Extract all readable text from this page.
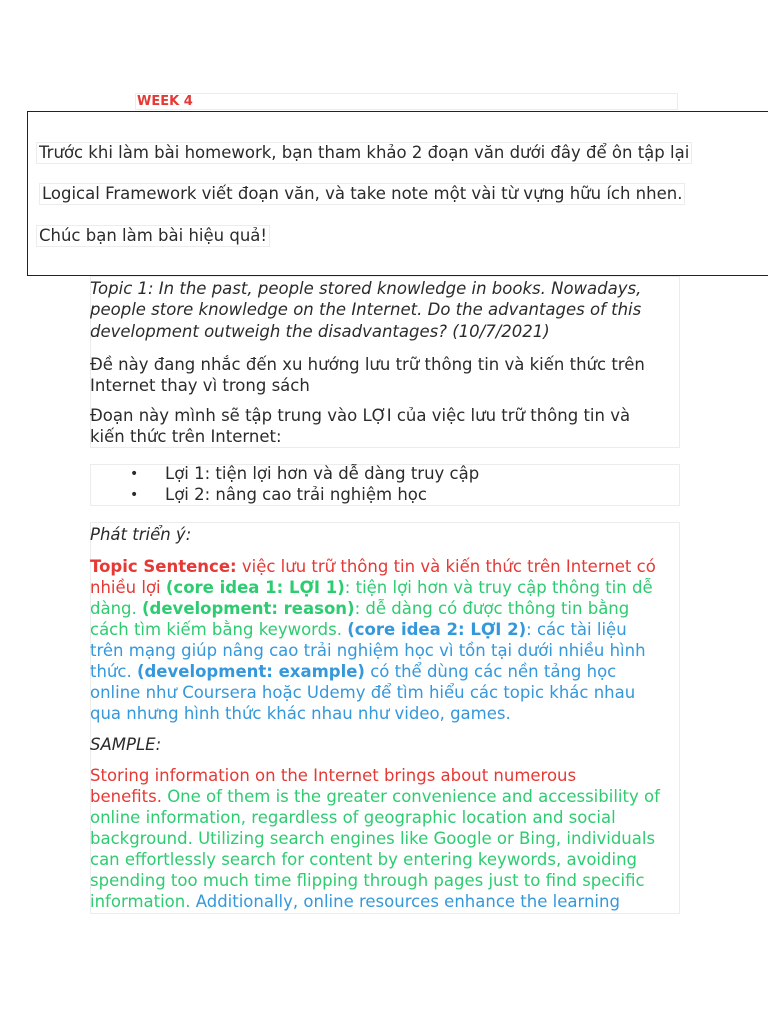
WEEK 4
Trước khi làm bài homework, bạn tham khảo 2 đoạn văn dưới đây để ôn tập lại
Logical Framework viết đoạn văn, và take note một vài từ vựng hữu ích nhen.
Chúc bạn làm bài hiệu quả!
Topic 1: In the past, people stored knowledge in books. Nowadays,
people store knowledge on the Internet. Do the advantages of this
development outweigh the disadvantages? (10/7/2021)
Đề này đang nhắc đến xu hướng lưu trữ thông tin và kiến thức trên
Internet thay vì trong sách
Đoạn này mình sẽ tập trung vào LỢI của việc lưu trữ thông tin và
kiến thức trên Internet:
• Lợi 1: tiện lợi hơn và dễ dàng truy cập
• Lợi 2: nâng cao trải nghiệm học
Phát triển ý:
Topic Sentence: việc lưu trữ thông tin và kiến thức trên Internet có
nhiều lợi (core idea 1: LỢI 1): tiện lợi hơn và truy cập thông tin dễ
dàng. (development: reason): dễ dàng có được thông tin bằng
cách tìm kiếm bằng keywords. (core idea 2: LỢI 2): các tài liệu
trên mạng giúp nâng cao trải nghiệm học vì tồn tại dưới nhiều hình
thức. (development: example) có thể dùng các nền tảng học
online như Coursera hoặc Udemy để tìm hiểu các topic khác nhau
qua nhưng hình thức khác nhau như video, games.
SAMPLE:
Storing information on the Internet brings about numerous
benefits. One of them is the greater convenience and accessibility of
online information, regardless of geographic location and social
background. Utilizing search engines like Google or Bing, individuals
can effortlessly search for content by entering keywords, avoiding
spending too much time flipping through pages just to find specific
information. Additionally, online resources enhance the learning
